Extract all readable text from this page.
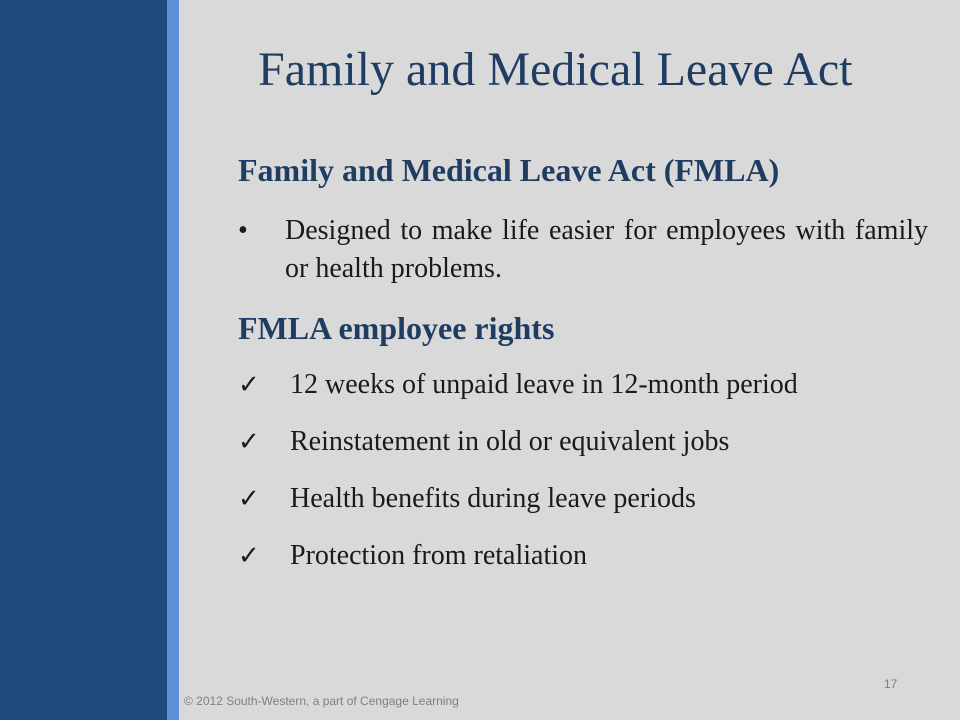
Family and Medical Leave Act
Family and Medical Leave Act (FMLA)
•	Designed to make life easier for employees with family or health problems.
FMLA employee rights
✓	12 weeks of unpaid leave in 12-month period
✓	Reinstatement in old or equivalent jobs
✓	Health benefits during leave periods
✓	Protection from retaliation
17
© 2012 South-Western, a part of Cengage Learning
